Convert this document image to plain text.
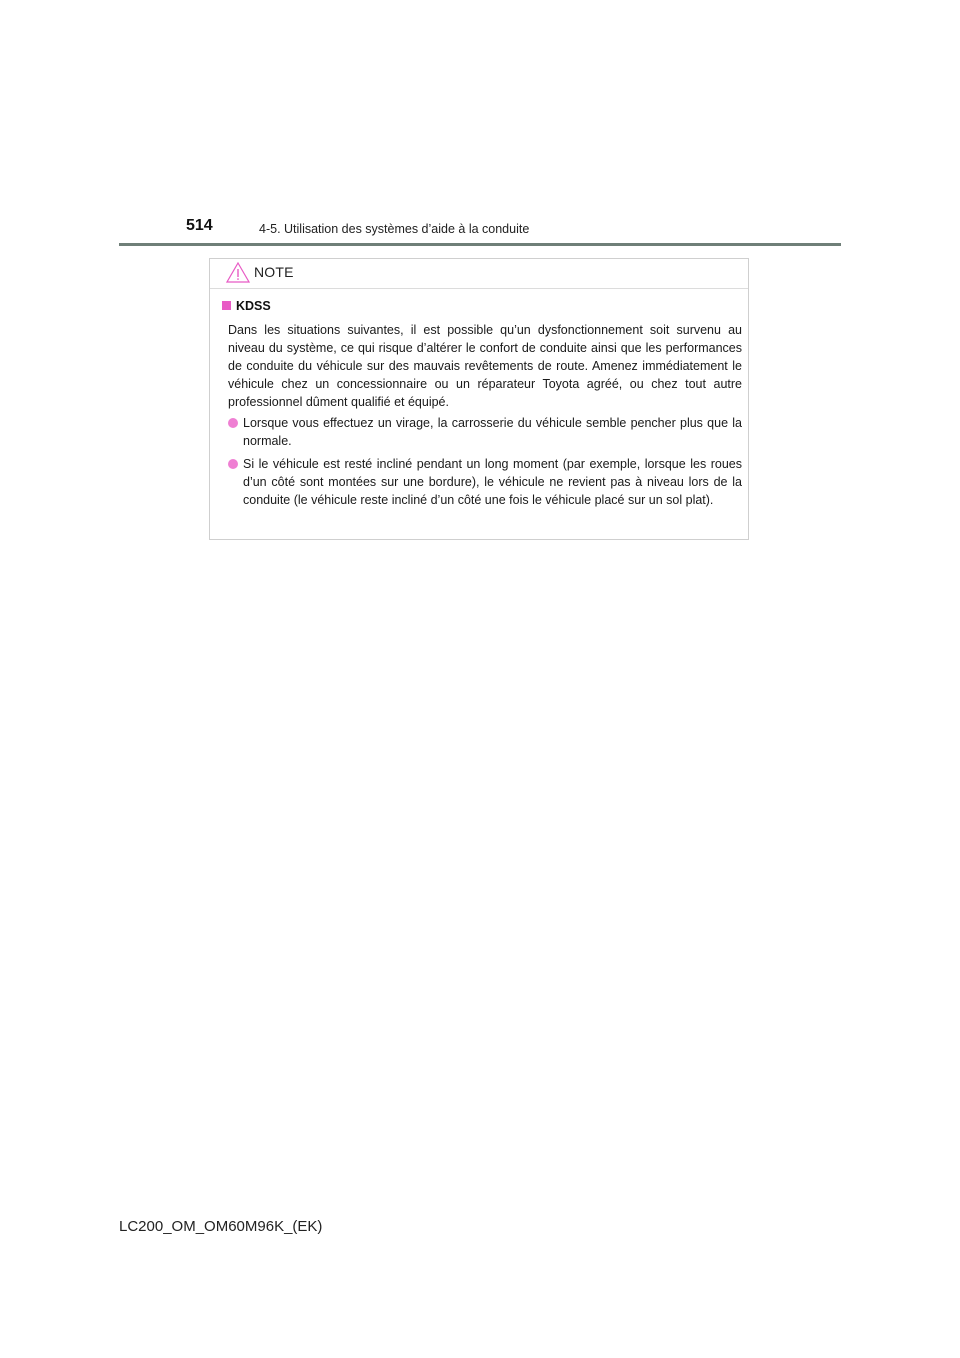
514	4-5. Utilisation des systèmes d’aide à la conduite
NOTE
KDSS

Dans les situations suivantes, il est possible qu’un dysfonctionnement soit survenu au niveau du système, ce qui risque d’altérer le confort de conduite ainsi que les performances de conduite du véhicule sur des mauvais revêtements de route. Amenez immédiatement le véhicule chez un concessionnaire ou un réparateur Toyota agréé, ou chez tout autre professionnel dûment qualifié et équipé.

Lorsque vous effectuez un virage, la carrosserie du véhicule semble pencher plus que la normale.

Si le véhicule est resté incliné pendant un long moment (par exemple, lorsque les roues d’un côté sont montées sur une bordure), le véhicule ne revient pas à niveau lors de la conduite (le véhicule reste incliné d’un côté une fois le véhicule placé sur un sol plat).

LC200_OM_OM60M96K_(EK)
